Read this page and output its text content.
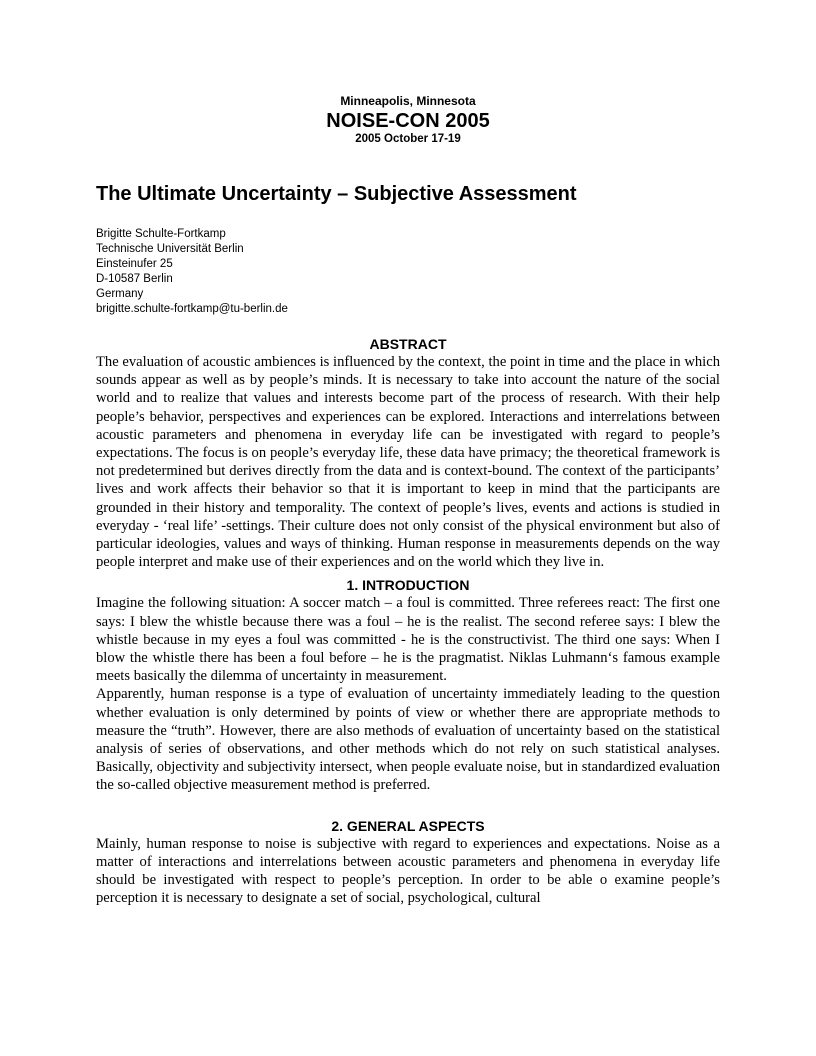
Minneapolis, Minnesota
NOISE-CON 2005
2005 October 17-19
The Ultimate Uncertainty – Subjective Assessment
Brigitte Schulte-Fortkamp
Technische Universität Berlin
Einsteinufer 25
D-10587 Berlin
Germany
brigitte.schulte-fortkamp@tu-berlin.de
ABSTRACT

The evaluation of acoustic ambiences is influenced by the context, the point in time and the place in which sounds appear as well as by people’s minds. It is necessary to take into account the nature of the social world and to realize that values and interests become part of the process of research. With their help people’s behavior, perspectives and experiences can be explored. Interactions and interrelations between acoustic parameters and phenomena in everyday life can be investigated with regard to people’s expectations. The focus is on people’s everyday life, these data have primacy; the theoretical framework is not predetermined but derives directly from the data and is context-bound. The context of the participants’ lives and work affects their behavior so that it is important to keep in mind that the participants are grounded in their history and temporality. The context of people’s lives, events and actions is studied in everyday - ‘real life’ -settings. Their culture does not only consist of the physical environment but also of particular ideologies, values and ways of thinking. Human response in measurements depends on the way people interpret and make use of their experiences and on the world which they live in.

1. INTRODUCTION

Imagine the following situation: A soccer match – a foul is committed. Three referees react: The first one says: I blew the whistle because there was a foul – he is the realist. The second referee says: I blew the whistle because in my eyes a foul was committed - he is the constructivist. The third one says: When I blow the whistle there has been a foul before – he is the pragmatist. Niklas Luhmann‘s famous example meets basically the dilemma of uncertainty in measurement.

Apparently, human response is a type of evaluation of uncertainty immediately leading to the question whether evaluation is only determined by points of view or whether there are appropriate methods to measure the “truth”. However, there are also methods of evaluation of uncertainty based on the statistical analysis of series of observations, and other methods which do not rely on such statistical analyses. Basically, objectivity and subjectivity intersect, when people evaluate noise, but in standardized evaluation the so-called objective measurement method is preferred.

2. GENERAL ASPECTS

Mainly, human response to noise is subjective with regard to experiences and expectations. Noise as a matter of interactions and interrelations between acoustic parameters and phenomena in everyday life should be investigated with respect to people’s perception. In order to be able o examine people’s perception it is necessary to designate a set of social, psychological, cultural
